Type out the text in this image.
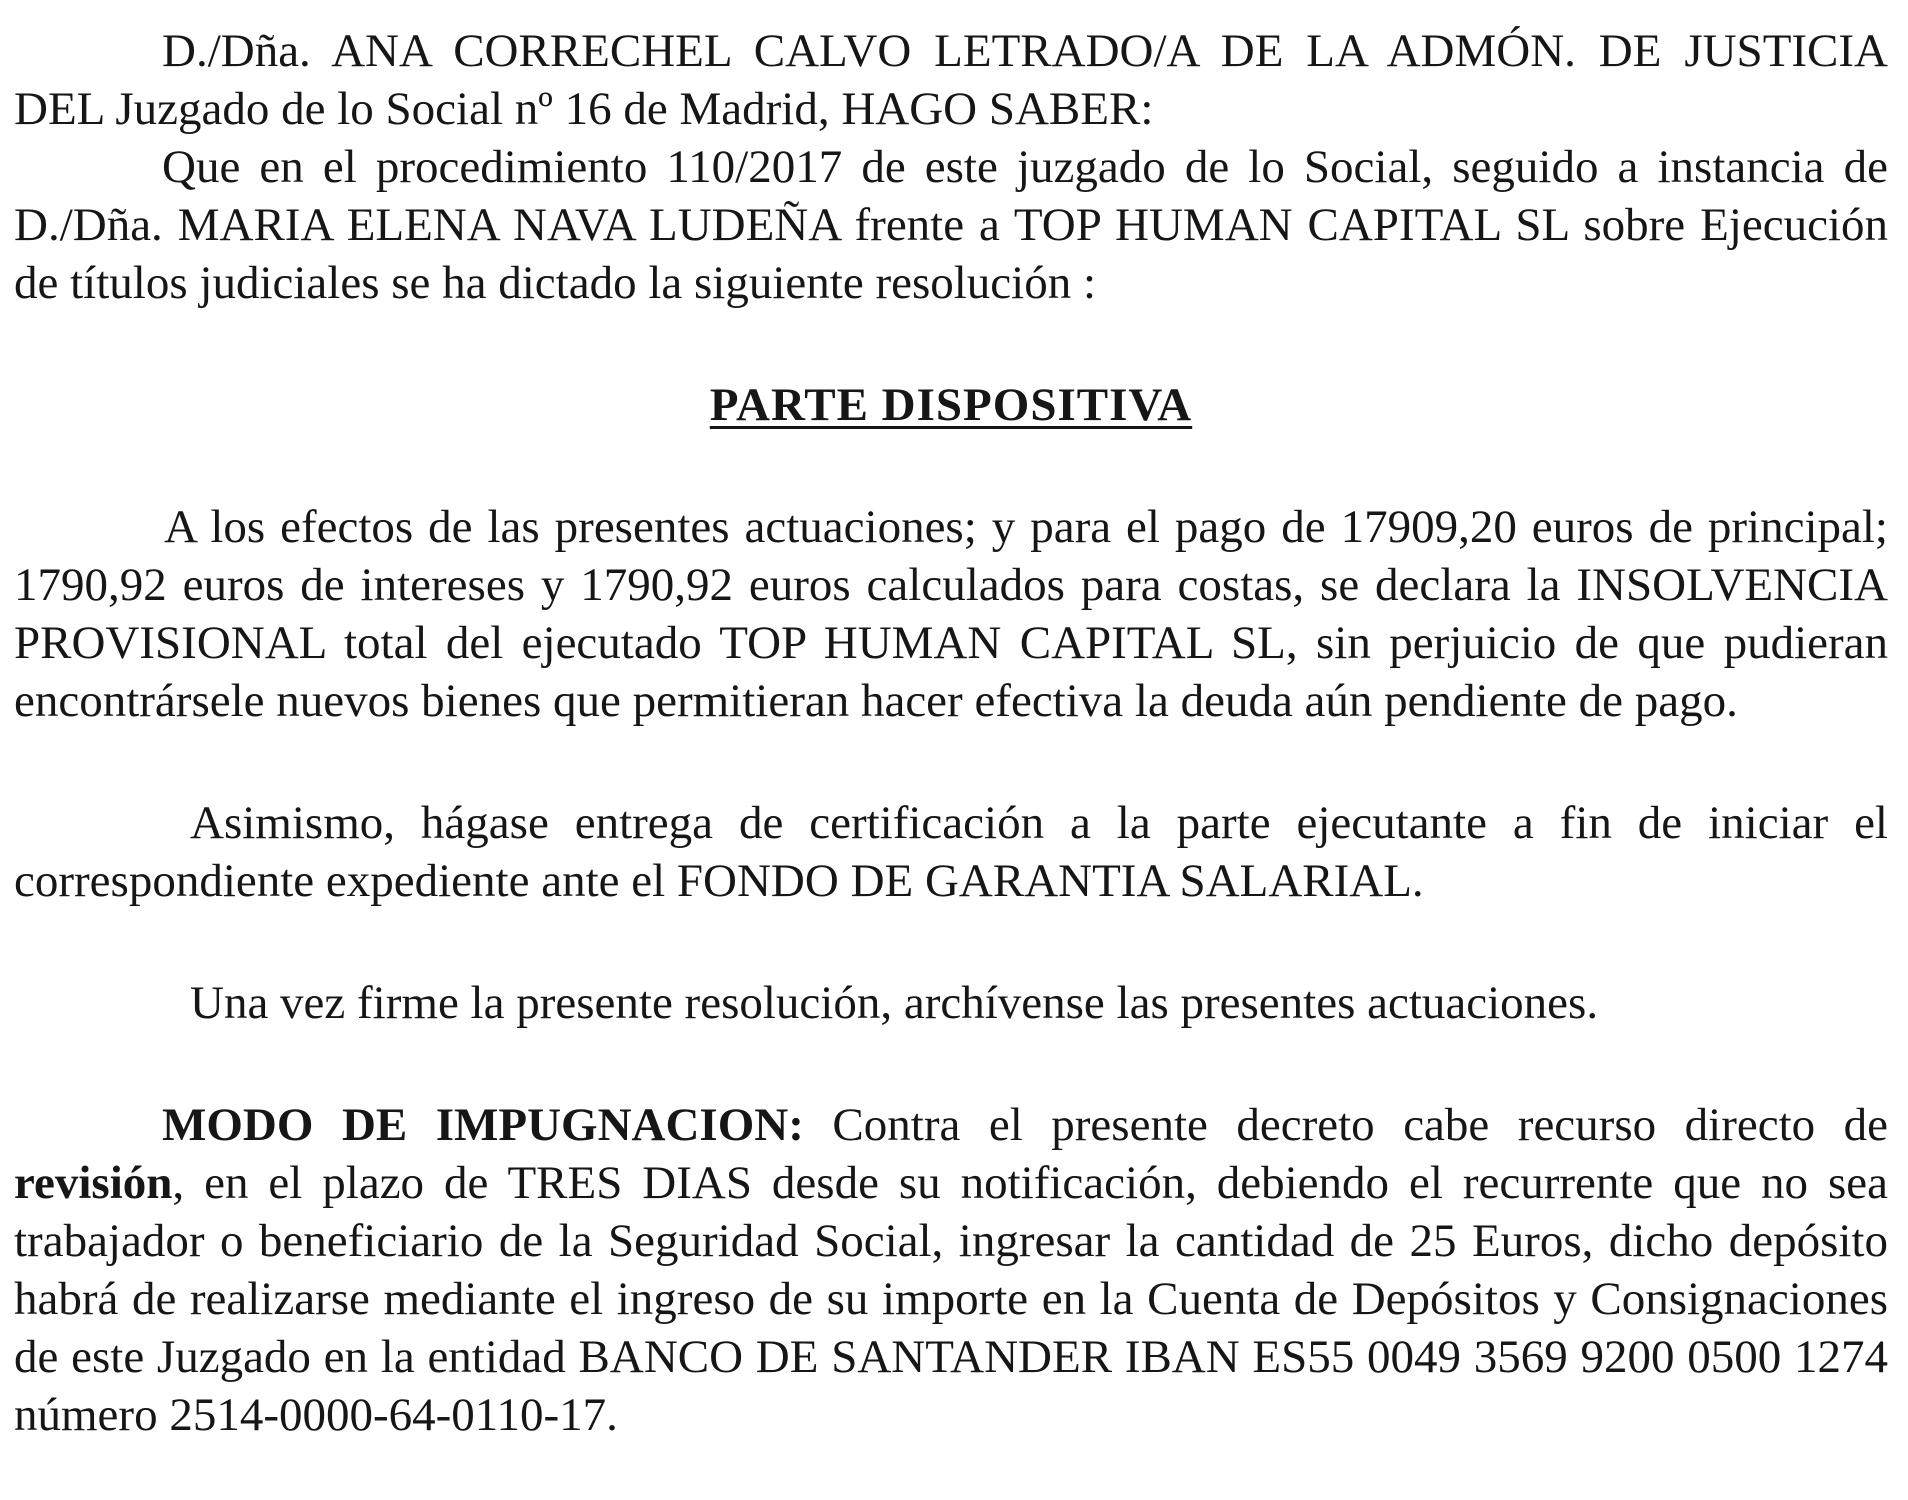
D./Dña. ANA CORRECHEL CALVO LETRADO/A DE LA ADMÓN. DE JUSTICIA DEL Juzgado de lo Social nº 16 de Madrid, HAGO SABER:

Que en el procedimiento 110/2017 de este juzgado de lo Social, seguido a instancia de D./Dña. MARIA ELENA NAVA LUDEÑA frente a TOP HUMAN CAPITAL SL sobre Ejecución de títulos judiciales se ha dictado la siguiente resolución :

PARTE DISPOSITIVA

A los efectos de las presentes actuaciones; y para el pago de 17909,20 euros de principal; 1790,92 euros de intereses y 1790,92 euros calculados para costas, se declara la INSOLVENCIA PROVISIONAL total del ejecutado TOP HUMAN CAPITAL SL, sin perjuicio de que pudieran encontrársele nuevos bienes que permitieran hacer efectiva la deuda aún pendiente de pago.

Asimismo, hágase entrega de certificación a la parte ejecutante a fin de iniciar el correspondiente expediente ante el FONDO DE GARANTIA SALARIAL.

Una vez firme la presente resolución, archívense las presentes actuaciones.

MODO DE IMPUGNACION: Contra el presente decreto cabe recurso directo de revisión, en el plazo de TRES DIAS desde su notificación, debiendo el recurrente que no sea trabajador o beneficiario de la Seguridad Social, ingresar la cantidad de 25 Euros, dicho depósito habrá de realizarse mediante el ingreso de su importe en la Cuenta de Depósitos y Consignaciones de este Juzgado en la entidad BANCO DE SANTANDER IBAN ES55 0049 3569 9200 0500 1274 número 2514-0000-64-0110-17.
